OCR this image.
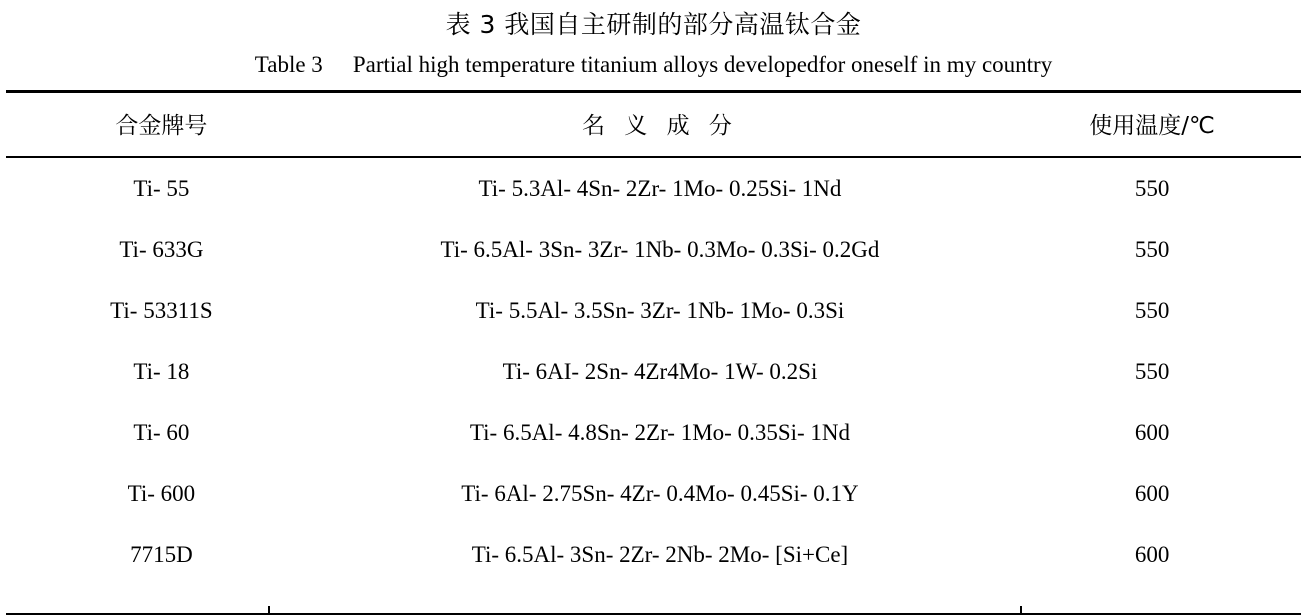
表 3 我国自主研制的部分高温钛合金
Table 3 Partial high temperature titanium alloys developedfor oneself in my country
合金牌号	名 义 成 分	使用温度/℃
Ti- 55	Ti- 5.3Al- 4Sn- 2Zr- 1Mo- 0.25Si- 1Nd	550
Ti- 633G	Ti- 6.5Al- 3Sn- 3Zr- 1Nb- 0.3Mo- 0.3Si- 0.2Gd	550
Ti- 53311S	Ti- 5.5Al- 3.5Sn- 3Zr- 1Nb- 1Mo- 0.3Si	550
Ti- 18	Ti- 6AI- 2Sn- 4Zr4Mo- 1W- 0.2Si	550
Ti- 60	Ti- 6.5Al- 4.8Sn- 2Zr- 1Mo- 0.35Si- 1Nd	600
Ti- 600	Ti- 6Al- 2.75Sn- 4Zr- 0.4Mo- 0.45Si- 0.1Y	600
7715D	Ti- 6.5Al- 3Sn- 2Zr- 2Nb- 2Mo- [Si+Ce]	600
